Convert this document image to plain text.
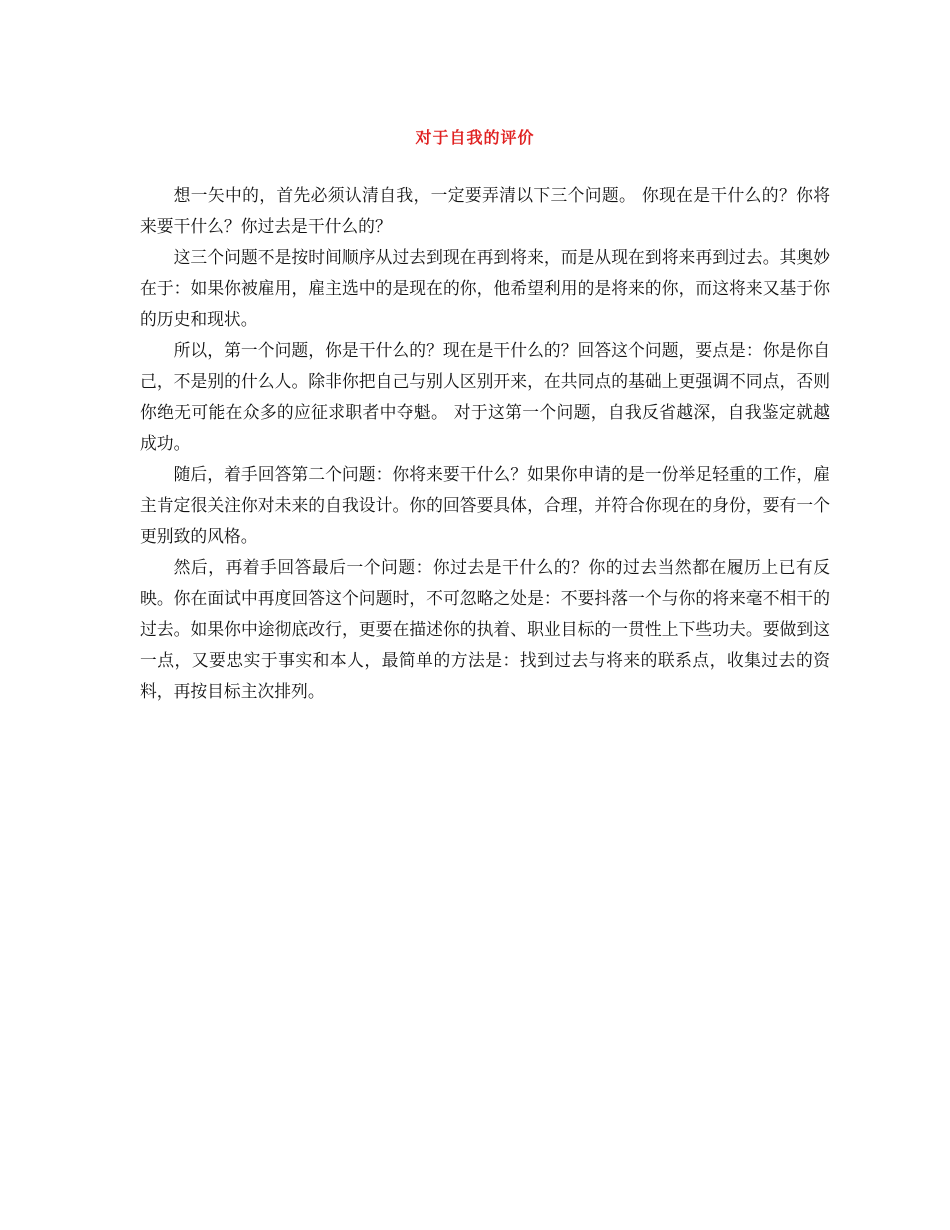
对于自我的评价

想一矢中的，首先必须认清自我，一定要弄清以下三个问题。 你现在是干什么的？你将来要干什么？你过去是干什么的？

这三个问题不是按时间顺序从过去到现在再到将来，而是从现在到将来再到过去。其奥妙在于：如果你被雇用，雇主选中的是现在的你，他希望利用的是将来的你，而这将来又基于你的历史和现状。

所以，第一个问题，你是干什么的？现在是干什么的？回答这个问题，要点是：你是你自己，不是别的什么人。除非你把自己与别人区别开来，在共同点的基础上更强调不同点，否则你绝无可能在众多的应征求职者中夺魁。 对于这第一个问题，自我反省越深，自我鉴定就越成功。

随后，着手回答第二个问题：你将来要干什么？如果你申请的是一份举足轻重的工作，雇主肯定很关注你对未来的自我设计。你的回答要具体，合理，并符合你现在的身份，要有一个更别致的风格。

然后，再着手回答最后一个问题：你过去是干什么的？你的过去当然都在履历上已有反映。你在面试中再度回答这个问题时，不可忽略之处是：不要抖落一个与你的将来毫不相干的过去。如果你中途彻底改行，更要在描述你的执着、职业目标的一贯性上下些功夫。要做到这一点，又要忠实于事实和本人，最简单的方法是：找到过去与将来的联系点，收集过去的资料，再按目标主次排列。
